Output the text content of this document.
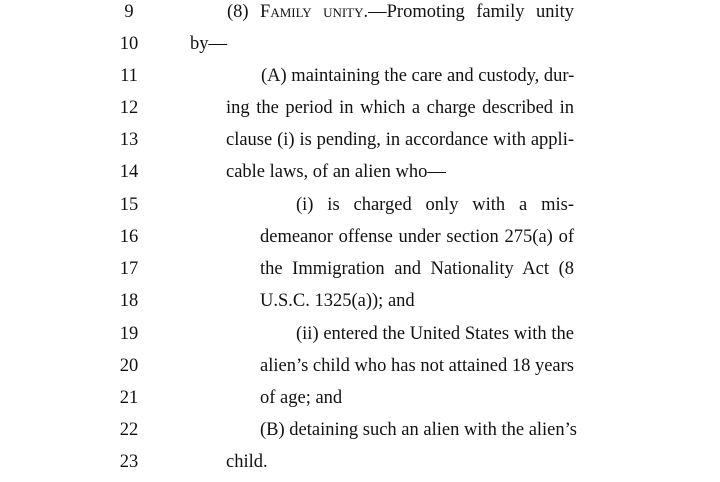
9	(8) Family unity.—Promoting family unity
10	by—
11	(A) maintaining the care and custody, dur-
12	ing the period in which a charge described in
13	clause (i) is pending, in accordance with appli-
14	cable laws, of an alien who—
15	(i) is charged only with a mis-
16	demeanor offense under section 275(a) of
17	the Immigration and Nationality Act (8
18	U.S.C. 1325(a)); and
19	(ii) entered the United States with the
20	alien’s child who has not attained 18 years
21	of age; and
22	(B) detaining such an alien with the alien’s
23	child.
